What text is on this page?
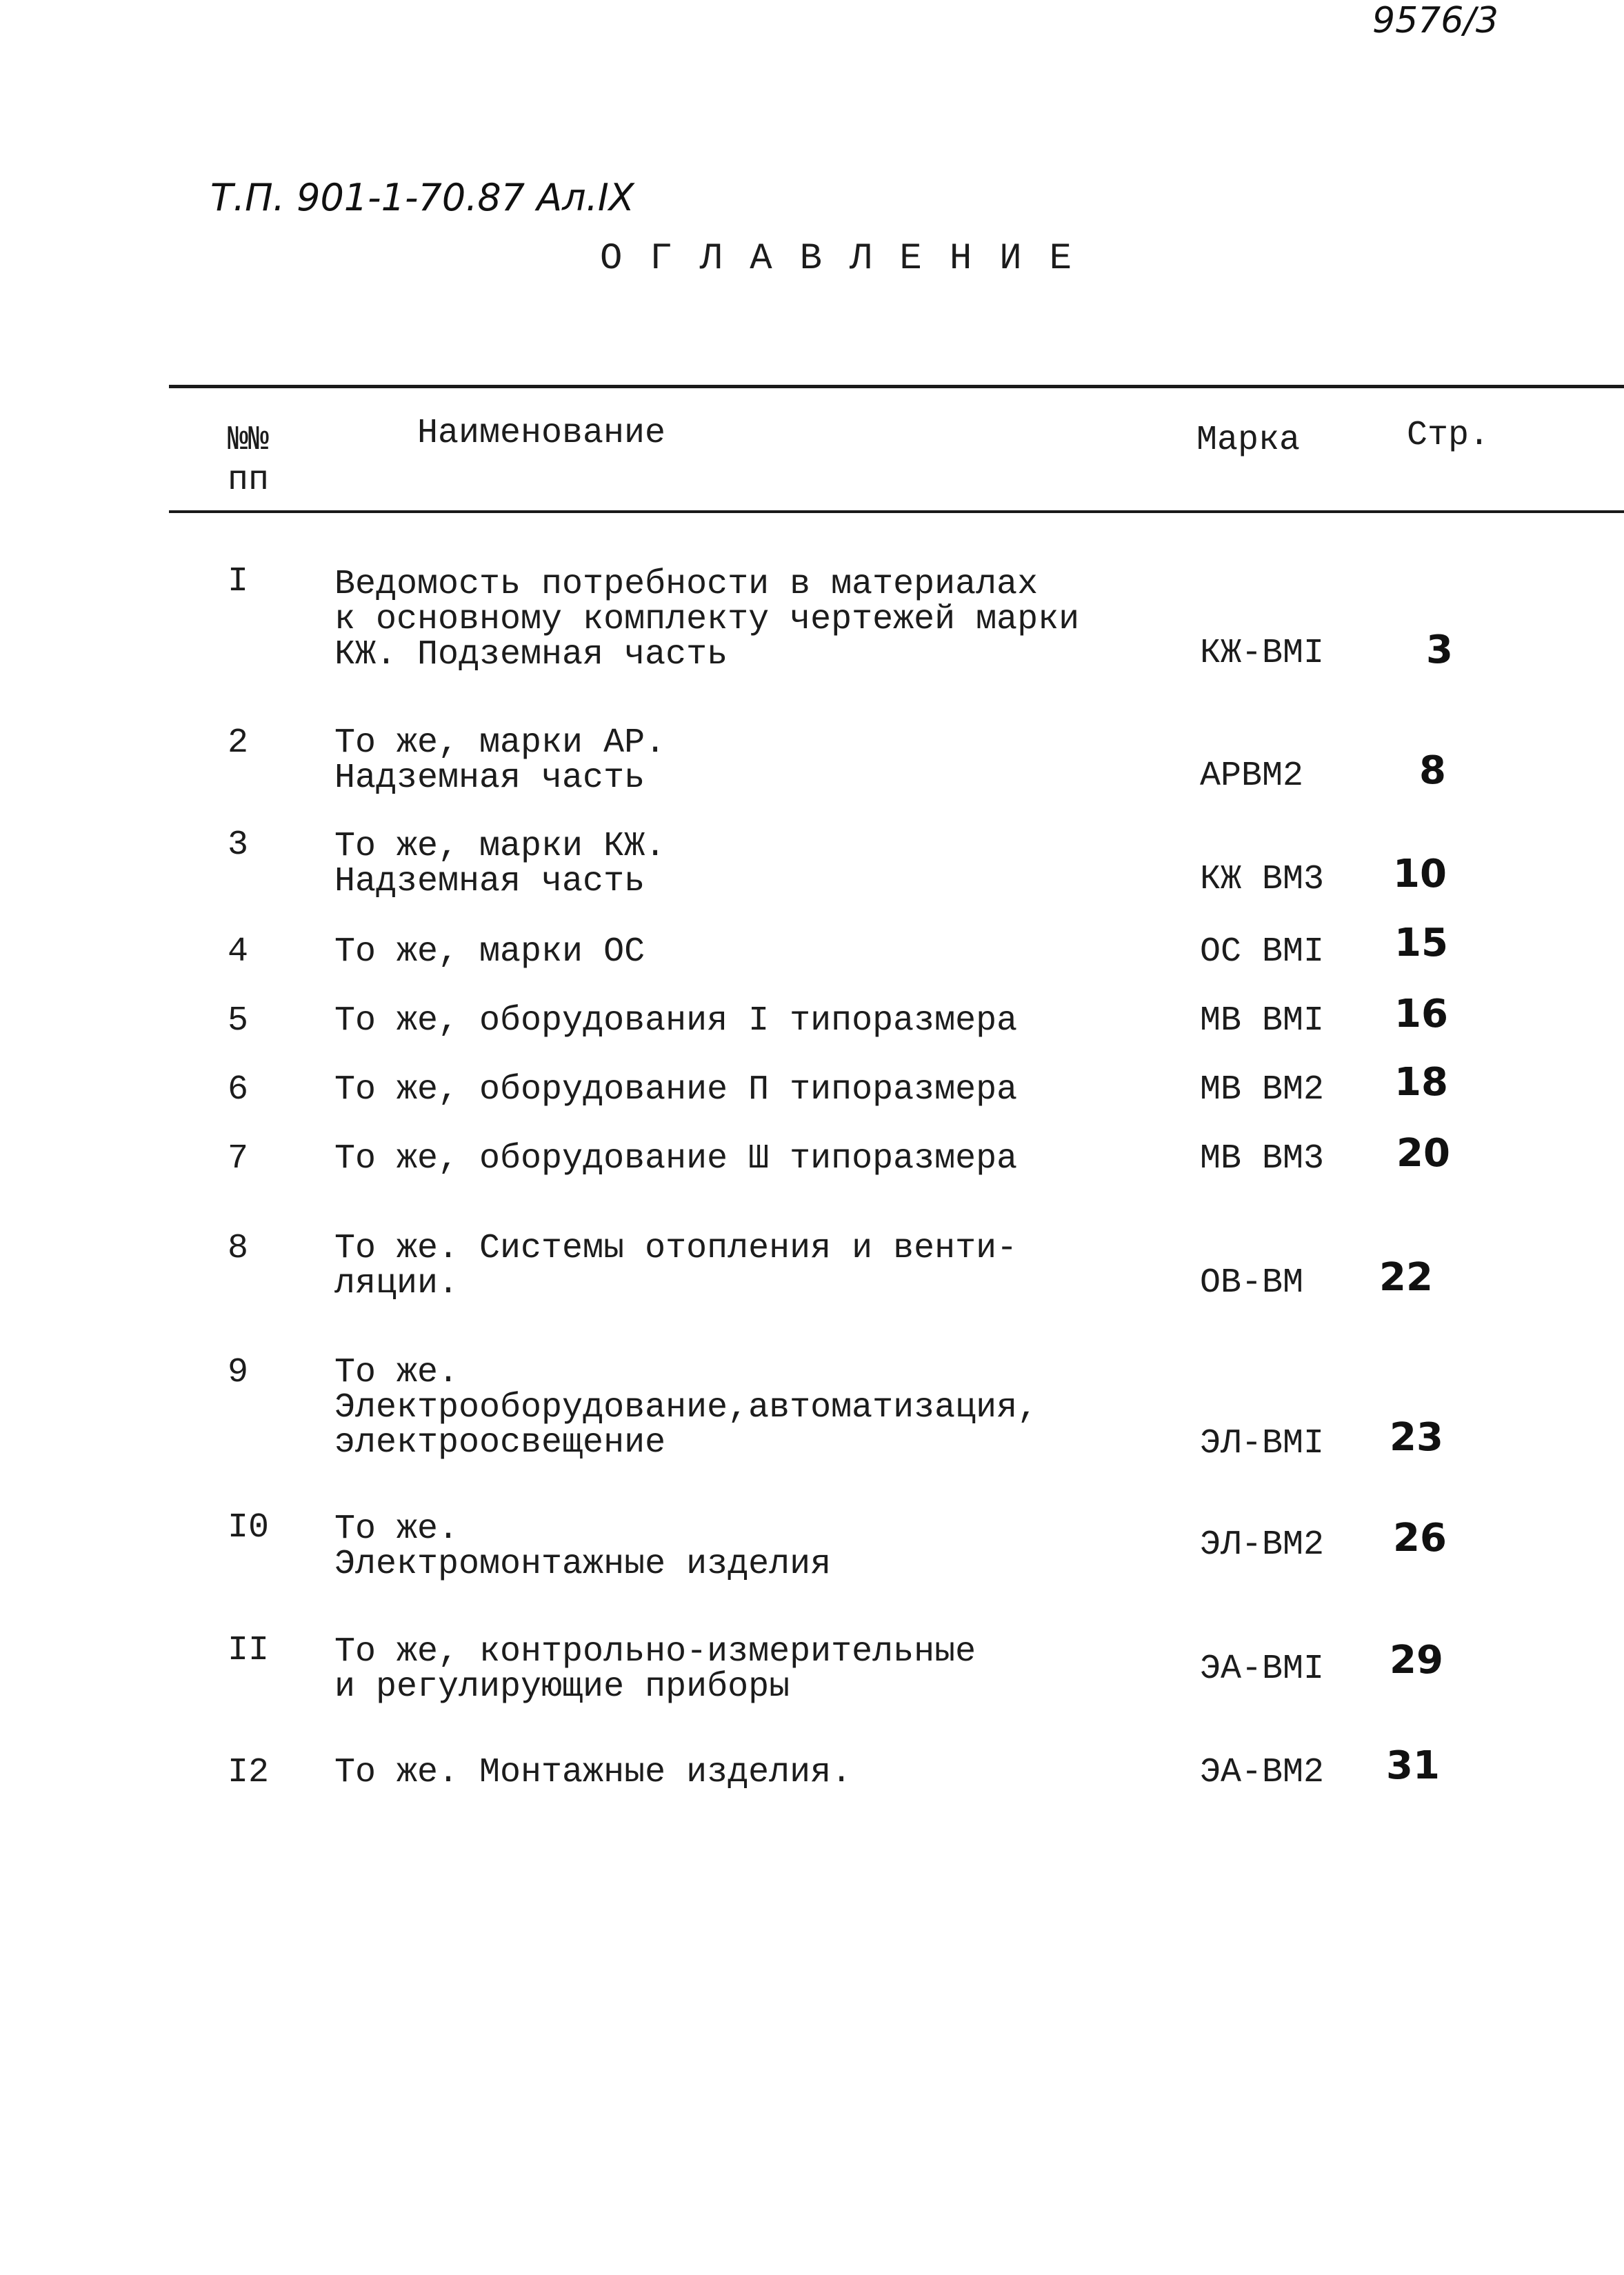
9576/3
Т.П. 901-1-70.87 Ал.IX
ОГЛАВЛЕНИЕ
№№
пп
Наименование	Марка	Стр.
I Ведомость потребности в материалах
к основному комплекту чертежей марки
КЖ. Подземная часть	КЖ-ВМI	3
2 То же, марки АР.
Надземная часть	АРВМ2	8
3 То же, марки КЖ.
Надземная часть	КЖ ВМ3 10
4 То же, марки ОС	ОС ВМI 15
5 То же, оборудования I типоразмера	МВ ВМI 16
6 То же, оборудование П типоразмера	МВ ВМ2 18
7 То же, оборудование Ш типоразмера	МВ ВМ3 20
8 То же. Системы отопления и венти-
ляции.	ОВ-ВМ 22
9 То же.
Электрооборудование,автоматизация,
электроосвещение	ЭЛ-ВМI 23
I0 То же.
Электромонтажные изделия	ЭЛ-ВМ2 26
II То же, контрольно-измерительные
и регулирующие приборы	ЭА-ВМI 29
I2 То же. Монтажные изделия.	ЭА-ВМ2 31
